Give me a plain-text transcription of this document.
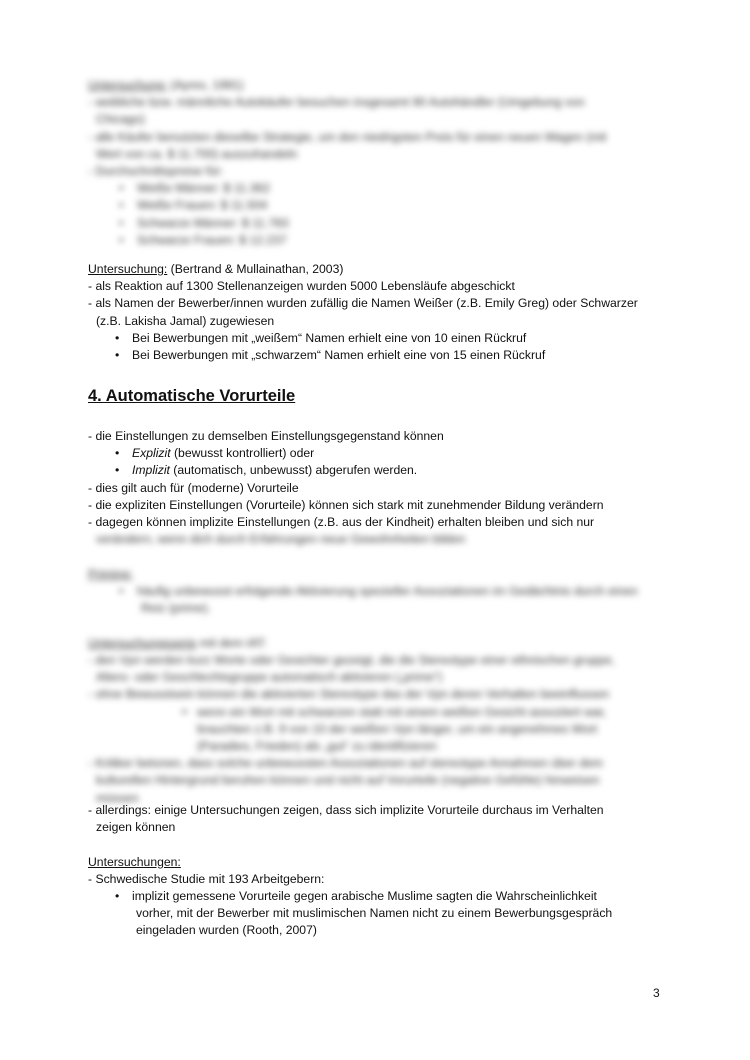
Untersuchung: (Ayres, 1991)

- weibliche bzw. männliche Autokäufer besuchen insgesamt 90 Autohändler (Umgebung von

Chicago)

- alle Käufer benutzten dieselbe Strategie, um den niedrigsten Preis für einen neuen Wagen (mit

Wert von ca. $ 11.700) auszuhandeln

- Durchschnittspreise für:

• Weiße Männer: $ 11.362
• Weiße Frauen: $ 11.504
• Schwarze Männer: $ 11.783
• Schwarze Frauen: $ 12.237

Untersuchung: (Bertrand & Mullainathan, 2003)

- als Reaktion auf 1300 Stellenanzeigen wurden 5000 Lebensläufe abgeschickt

- als Namen der Bewerber/innen wurden zufällig die Namen Weißer (z.B. Emily Greg) oder Schwarzer

(z.B. Lakisha Jamal) zugewiesen

• Bei Bewerbungen mit „weißem“ Namen erhielt eine von 10 einen Rückruf
• Bei Bewerbungen mit „schwarzem“ Namen erhielt eine von 15 einen Rückruf
4. Automatische Vorurteile

- die Einstellungen zu demselben Einstellungsgegenstand können

• Explizit (bewusst kontrolliert) oder
• Implizit (automatisch, unbewusst) abgerufen werden.

- dies gilt auch für (moderne) Vorurteile

- die expliziten Einstellungen (Vorurteile) können sich stark mit zunehmender Bildung verändern

- dagegen können implizite Einstellungen (z.B. aus der Kindheit) erhalten bleiben und sich nur

verändern, wenn dich durch Erfahrungen neue Gewohnheiten bilden

Priming:

• häufig unbewusst erfolgende Aktivierung spezieller Assoziationen im Gedächtnis durch einen
Reiz (prime).

Untersuchungsserie mit dem IAT:

- den Vpn werden kurz Worte oder Gesichter gezeigt, die die Stereotype einer ethnischen gruppe,

Alters- oder Geschlechtsgruppe automatisch aktivieren („prime“)

- ohne Bewusstsein können die aktivierten Stereotype das der Vpn deren Verhalten beeinflussen

➢ wenn ein Wort mit schwarzen statt mit einem weißen Gesicht assoziiert war,

brauchten z.B. 9 von 10 der weißen Vpn länger, um ein angenehmes Wort

(Paradies, Frieden) als „gut“ zu identifizieren

- Kritiker betonen, dass solche unbewussten Assoziationen auf stereotype Annahmen über dem

kulturellen Hintergrund beruhen können und nicht auf Vorurteile (negative Gefühle) hinweisen

müssen

- allerdings: einige Untersuchungen zeigen, dass sich implizite Vorurteile durchaus im Verhalten

zeigen können

Untersuchungen:

- Schwedische Studie mit 193 Arbeitgebern:

• implizit gemessene Vorurteile gegen arabische Muslime sagten die Wahrscheinlichkeit
vorher, mit der Bewerber mit muslimischen Namen nicht zu einem Bewerbungsgespräch
eingeladen wurden (Rooth, 2007)
3
